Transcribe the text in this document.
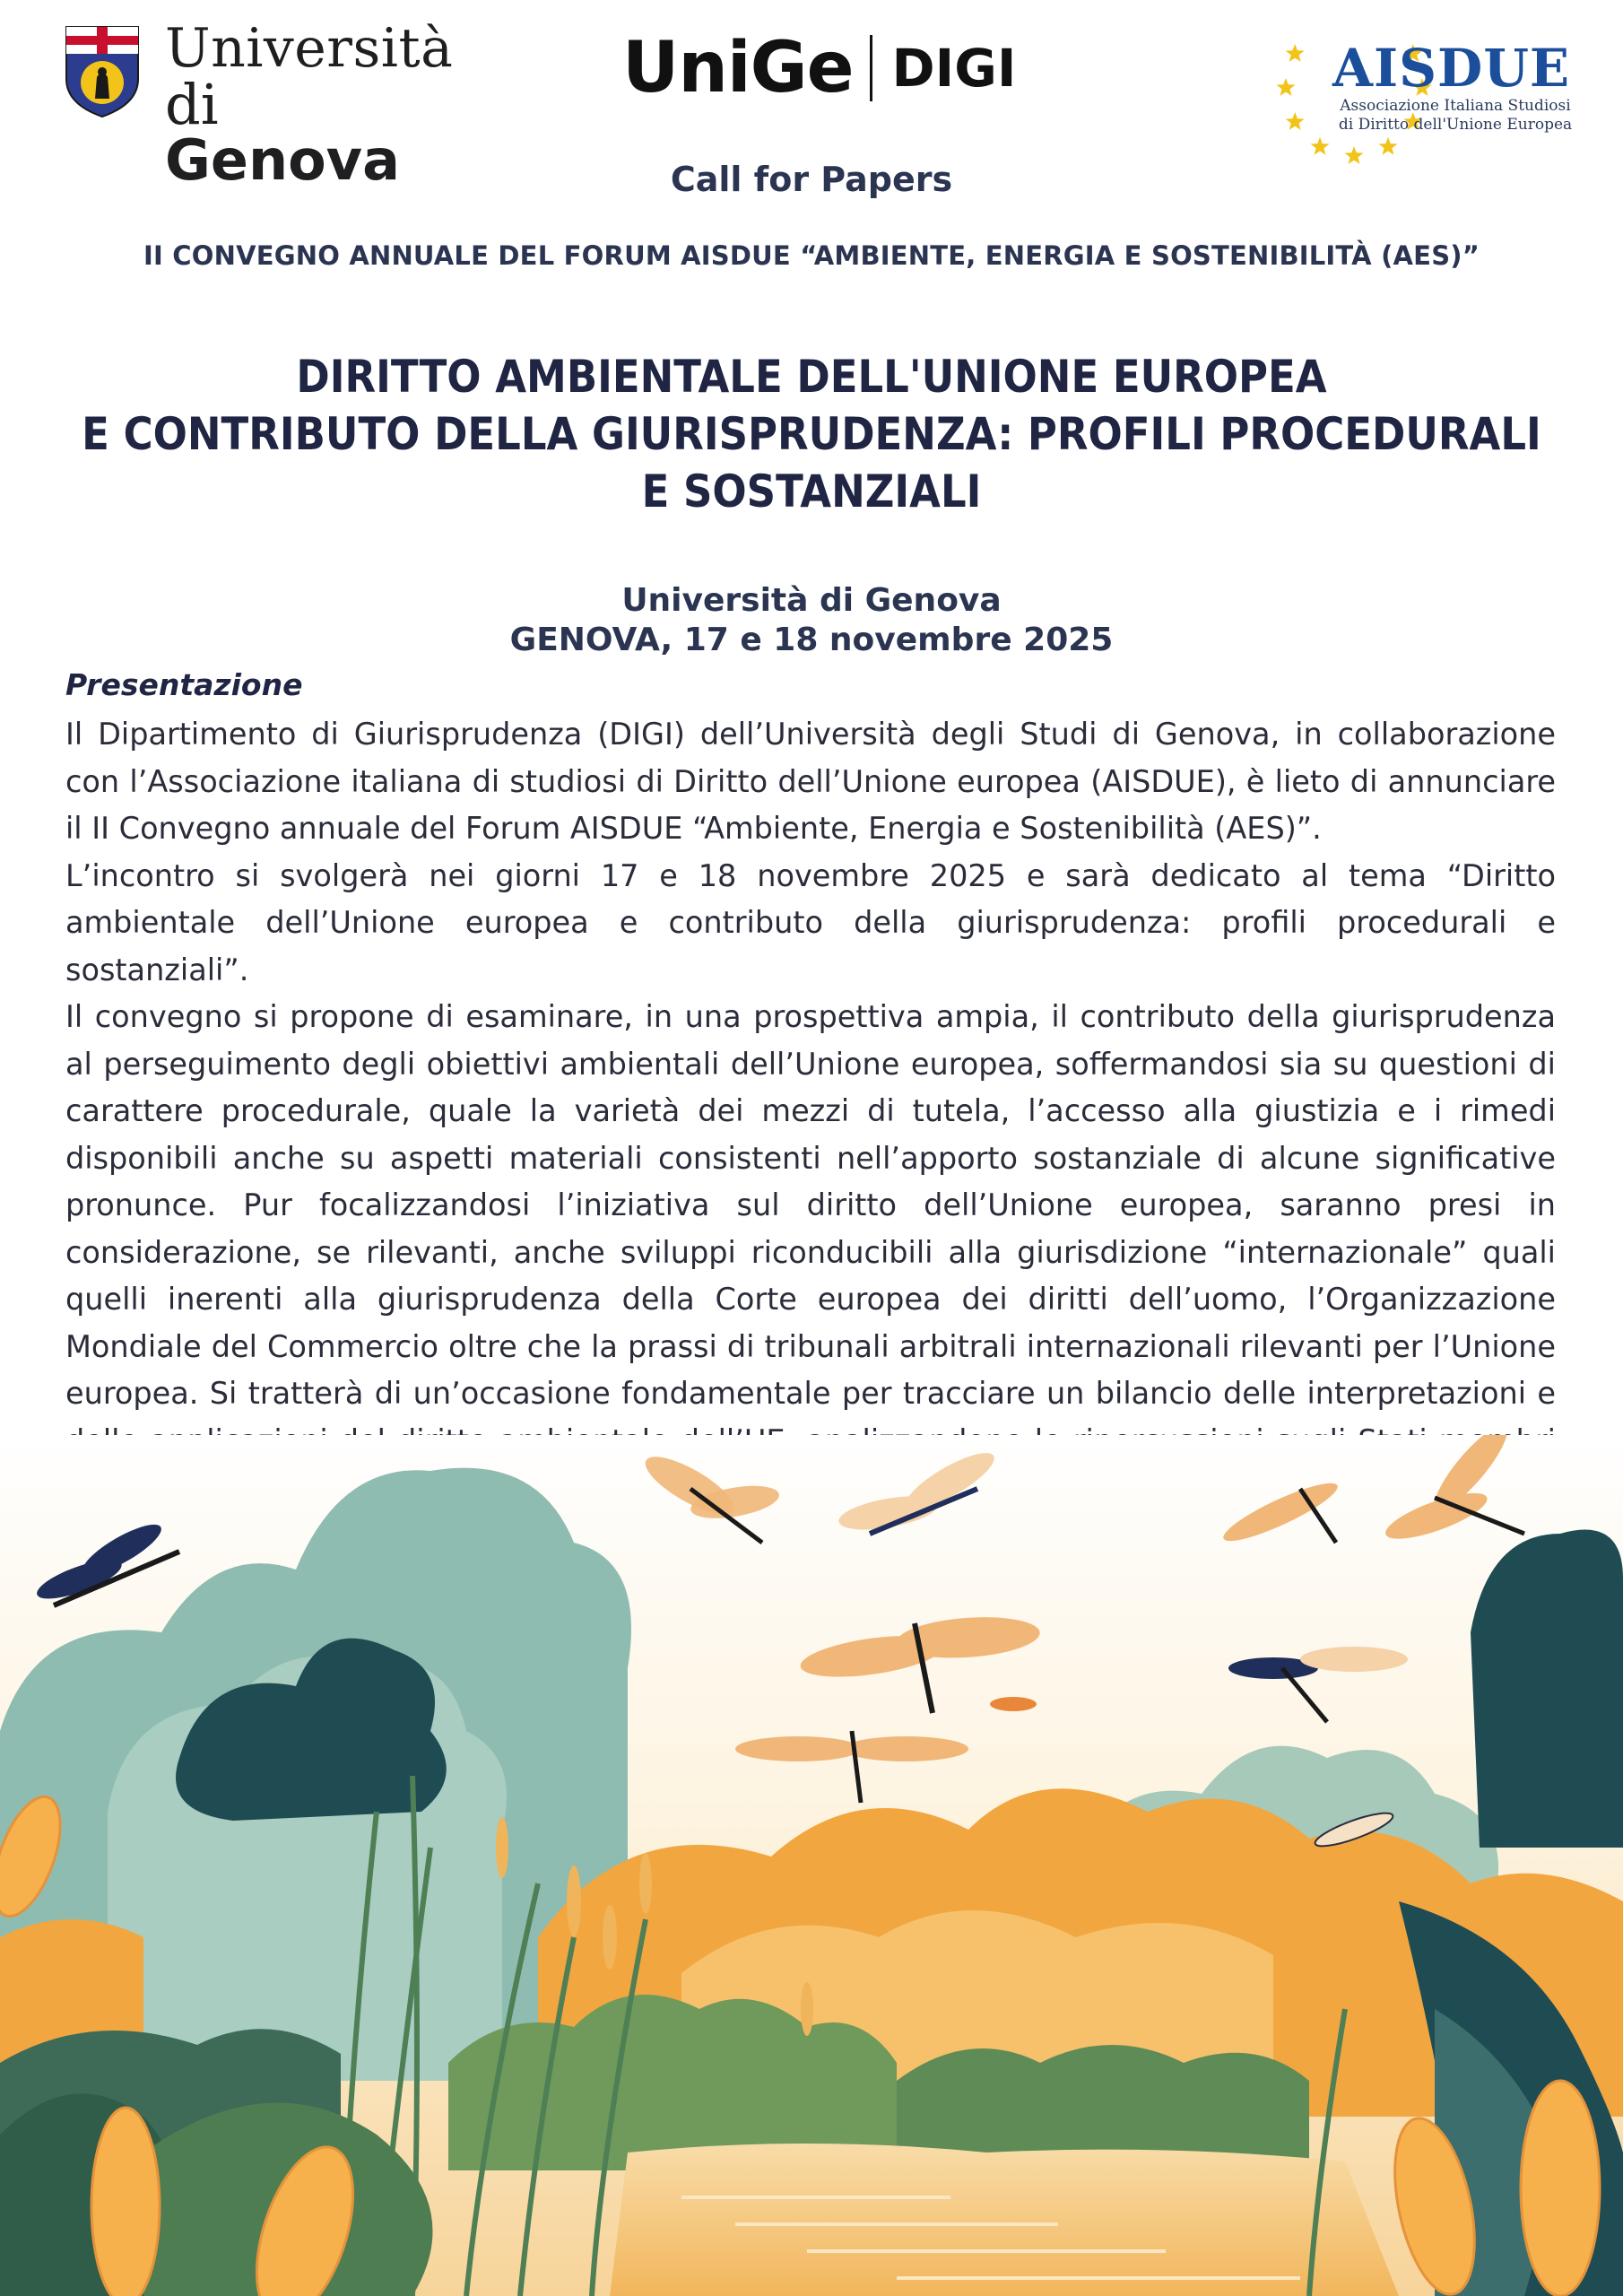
Università
di Genova
UniGe DIGI	AISDUE
Associazione Italiana Studiosi
di Diritto dell'Unione Europea
Call for Papers
II CONVEGNO ANNUALE DEL FORUM AISDUE “AMBIENTE, ENERGIA E SOSTENIBILITÀ (AES)”
DIRITTO AMBIENTALE DELL'UNIONE EUROPEA
E CONTRIBUTO DELLA GIURISPRUDENZA: PROFILI PROCEDURALI
E SOSTANZIALI
Università di Genova
GENOVA, 17 e 18 novembre 2025
Presentazione

Il Dipartimento di Giurisprudenza (DIGI) dell’Università degli Studi di Genova, in collaborazione con l’Associazione italiana di studiosi di Diritto dell’Unione europea (AISDUE), è lieto di annunciare il II Convegno annuale del Forum AISDUE “Ambiente, Energia e Sostenibilità (AES)”.

L’incontro si svolgerà nei giorni 17 e 18 novembre 2025 e sarà dedicato al tema “Diritto ambientale dell’Unione europea e contributo della giurisprudenza: profili procedurali e sostanziali”.

Il convegno si propone di esaminare, in una prospettiva ampia, il contributo della giurisprudenza al perseguimento degli obiettivi ambientali dell’Unione europea, soffermandosi sia su questioni di carattere procedurale, quale la varietà dei mezzi di tutela, l’accesso alla giustizia e i rimedi disponibili anche su aspetti materiali consistenti nell’apporto sostanziale di alcune significative pronunce. Pur focalizzandosi l’iniziativa sul diritto dell’Unione europea, saranno presi in considerazione, se rilevanti, anche sviluppi riconducibili alla giurisdizione “internazionale” quali quelli inerenti alla giurisprudenza della Corte europea dei diritti dell’uomo, l’Organizzazione Mondiale del Commercio oltre che la prassi di tribunali arbitrali internazionali rilevanti per l’Unione europea. Si tratterà di un’occasione fondamentale per tracciare un bilancio delle interpretazioni e
